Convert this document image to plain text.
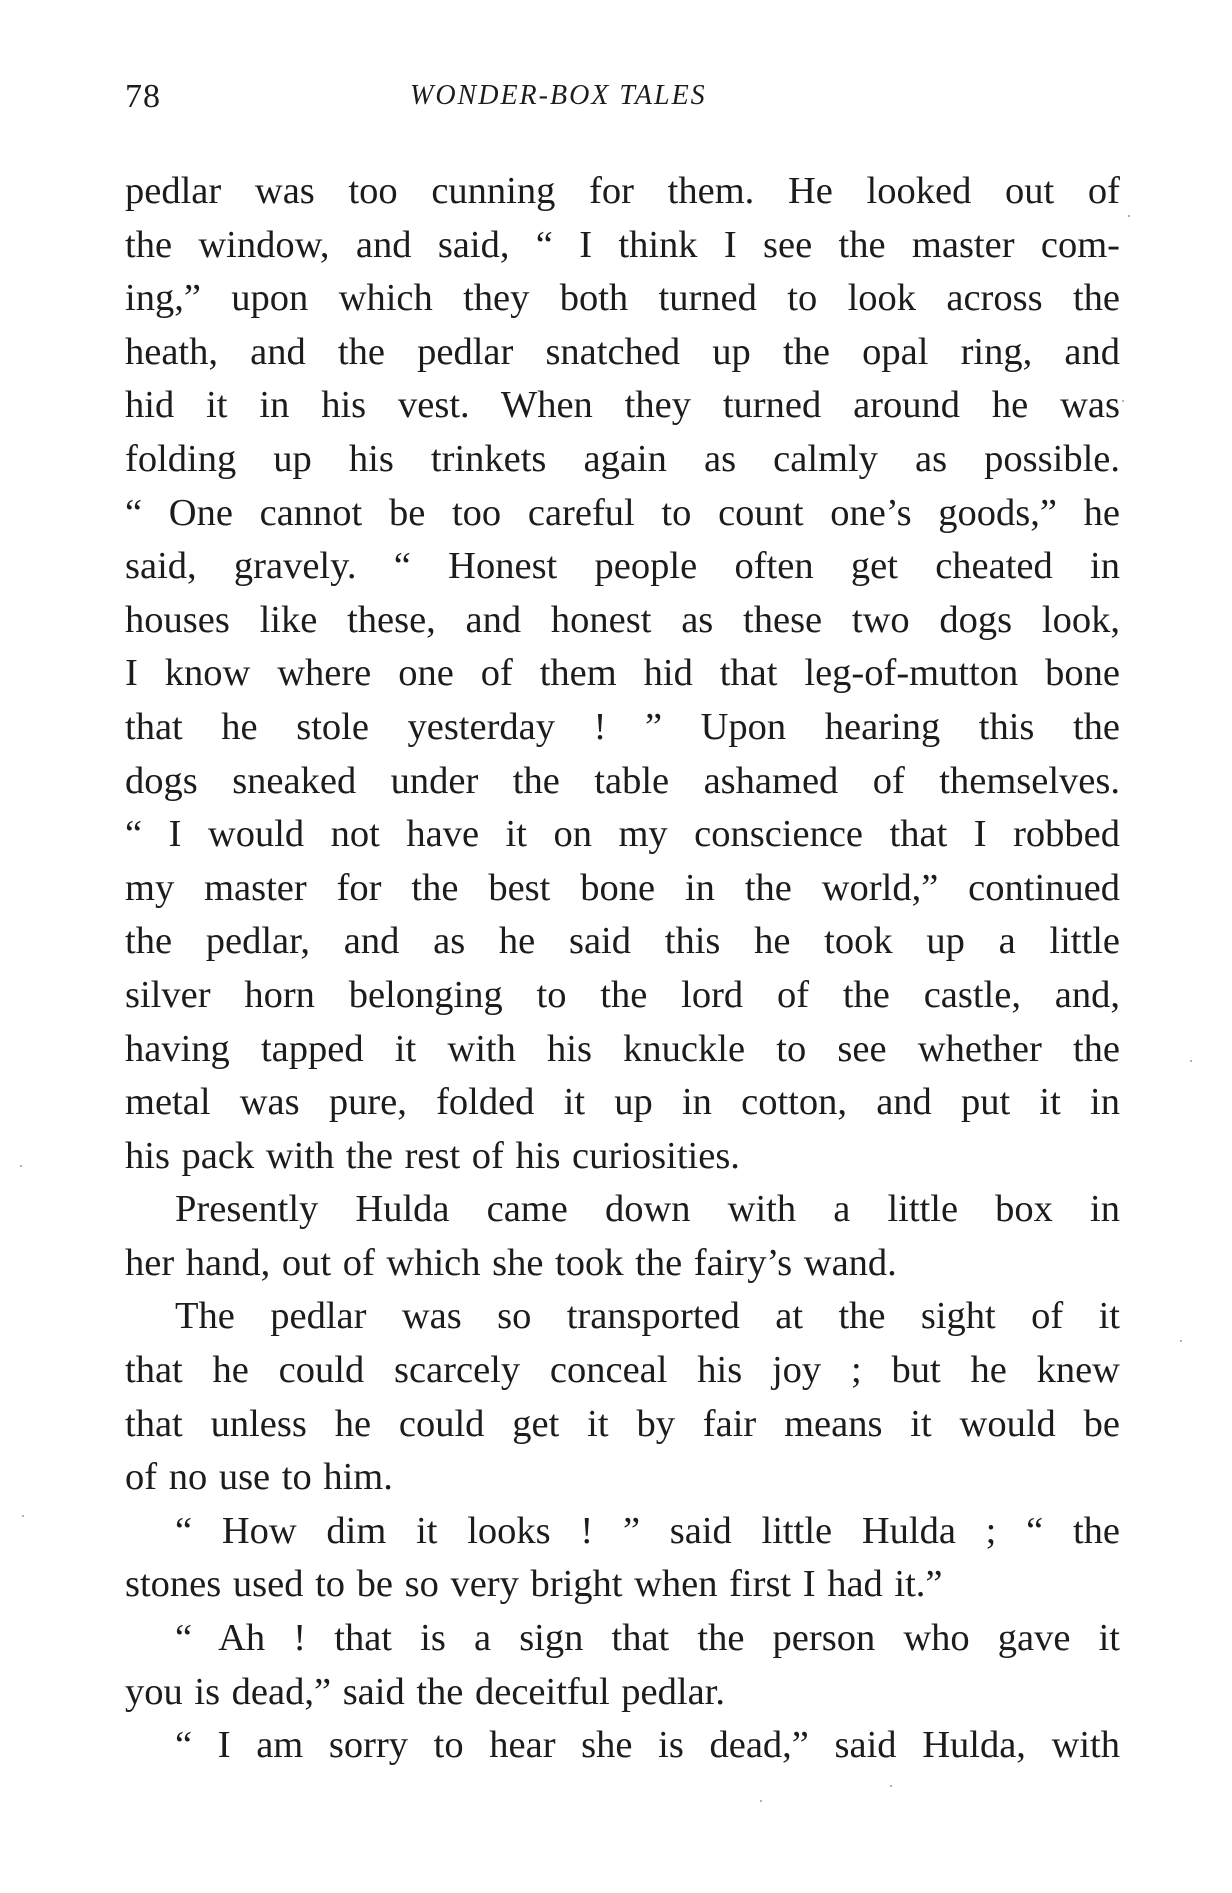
78	WONDER-BOX TALES

pedlar was too cunning for them. He looked out of
the window, and said, “ I think I see the master com-
ing,” upon which they both turned to look across the
heath, and the pedlar snatched up the opal ring, and
hid it in his vest. When they turned around he was
folding up his trinkets again as calmly as possible.
“ One cannot be too careful to count one’s goods,” he
said, gravely. “ Honest people often get cheated in
houses like these, and honest as these two dogs look,
I know where one of them hid that leg-of-mutton bone
that he stole yesterday ! ” Upon hearing this the
dogs sneaked under the table ashamed of themselves.
“ I would not have it on my conscience that I robbed
my master for the best bone in the world,” continued
the pedlar, and as he said this he took up a little
silver horn belonging to the lord of the castle, and,
having tapped it with his knuckle to see whether the
metal was pure, folded it up in cotton, and put it in
his pack with the rest of his curiosities.

Presently Hulda came down with a little box in
her hand, out of which she took the fairy’s wand.

The pedlar was so transported at the sight of it
that he could scarcely conceal his joy ; but he knew
that unless he could get it by fair means it would be
of no use to him.

“ How dim it looks ! ” said little Hulda ; “ the
stones used to be so very bright when first I had it.”

“ Ah ! that is a sign that the person who gave it
you is dead,” said the deceitful pedlar.

“ I am sorry to hear she is dead,” said Hulda, with
